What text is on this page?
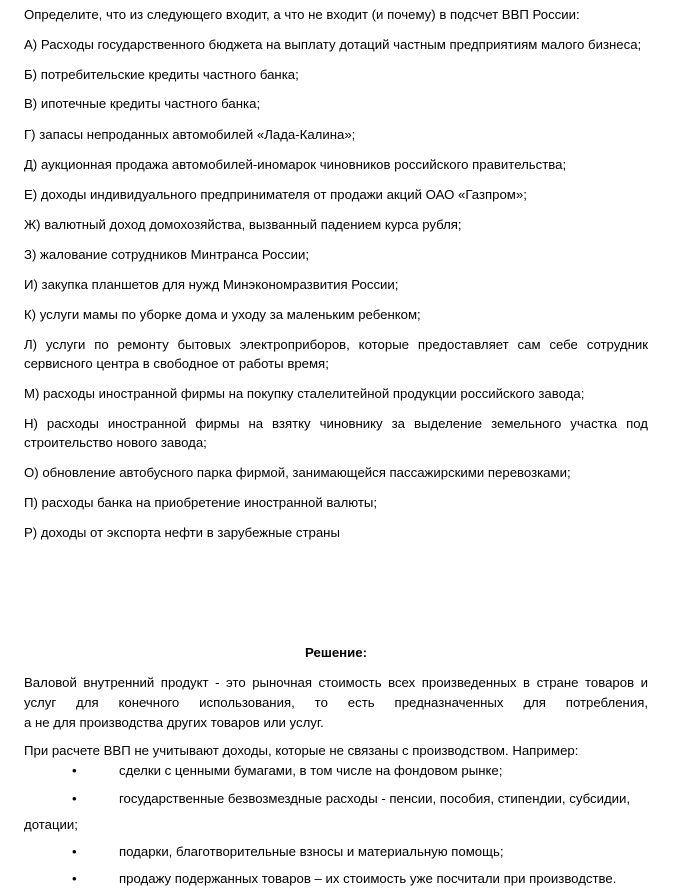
Определите, что из следующего входит, а что не входит (и почему) в подсчет ВВП России:

А) Расходы государственного бюджета на выплату дотаций частным предприятиям малого бизнеса;

Б) потребительские кредиты частного банка;

В) ипотечные кредиты частного банка;

Г) запасы непроданных автомобилей «Лада-Калина»;

Д) аукционная продажа автомобилей-иномарок чиновников российского правительства;

Е) доходы индивидуального предпринимателя от продажи акций ОАО «Газпром»;

Ж) валютный доход домохозяйства, вызванный падением курса рубля;

З) жалование сотрудников Минтранса России;

И) закупка планшетов для нужд Минэкономразвития России;

К) услуги мамы по уборке дома и уходу за маленьким ребенком;

Л) услуги по ремонту бытовых электроприборов, которые предоставляет сам себе сотрудник сервисного центра в свободное от работы время;

М) расходы иностранной фирмы на покупку сталелитейной продукции российского завода;

Н) расходы иностранной фирмы на взятку чиновнику за выделение земельного участка под строительство нового завода;

О) обновление автобусного парка фирмой, занимающейся пассажирскими перевозками;

П) расходы банка на приобретение иностранной валюты;

Р) доходы от экспорта нефти в зарубежные страны

Решение:

Валовой внутренний продукт - это рыночная стоимость всех произведенных в стране товаров и
услуг для конечного использования, то есть предназначенных для потребления,
а не для производства других товаров или услуг.

При расчете ВВП не учитывают доходы, которые не связаны с производством. Например:

•	сделки с ценными бумагами, в том числе на фондовом рынке;
•	государственные безвозмездные расходы - пенсии, пособия, стипендии, субсидии,

дотации;

•	подарки, благотворительные взносы и материальную помощь;
•	продажу подержанных товаров – их стоимость уже посчитали при производстве.
